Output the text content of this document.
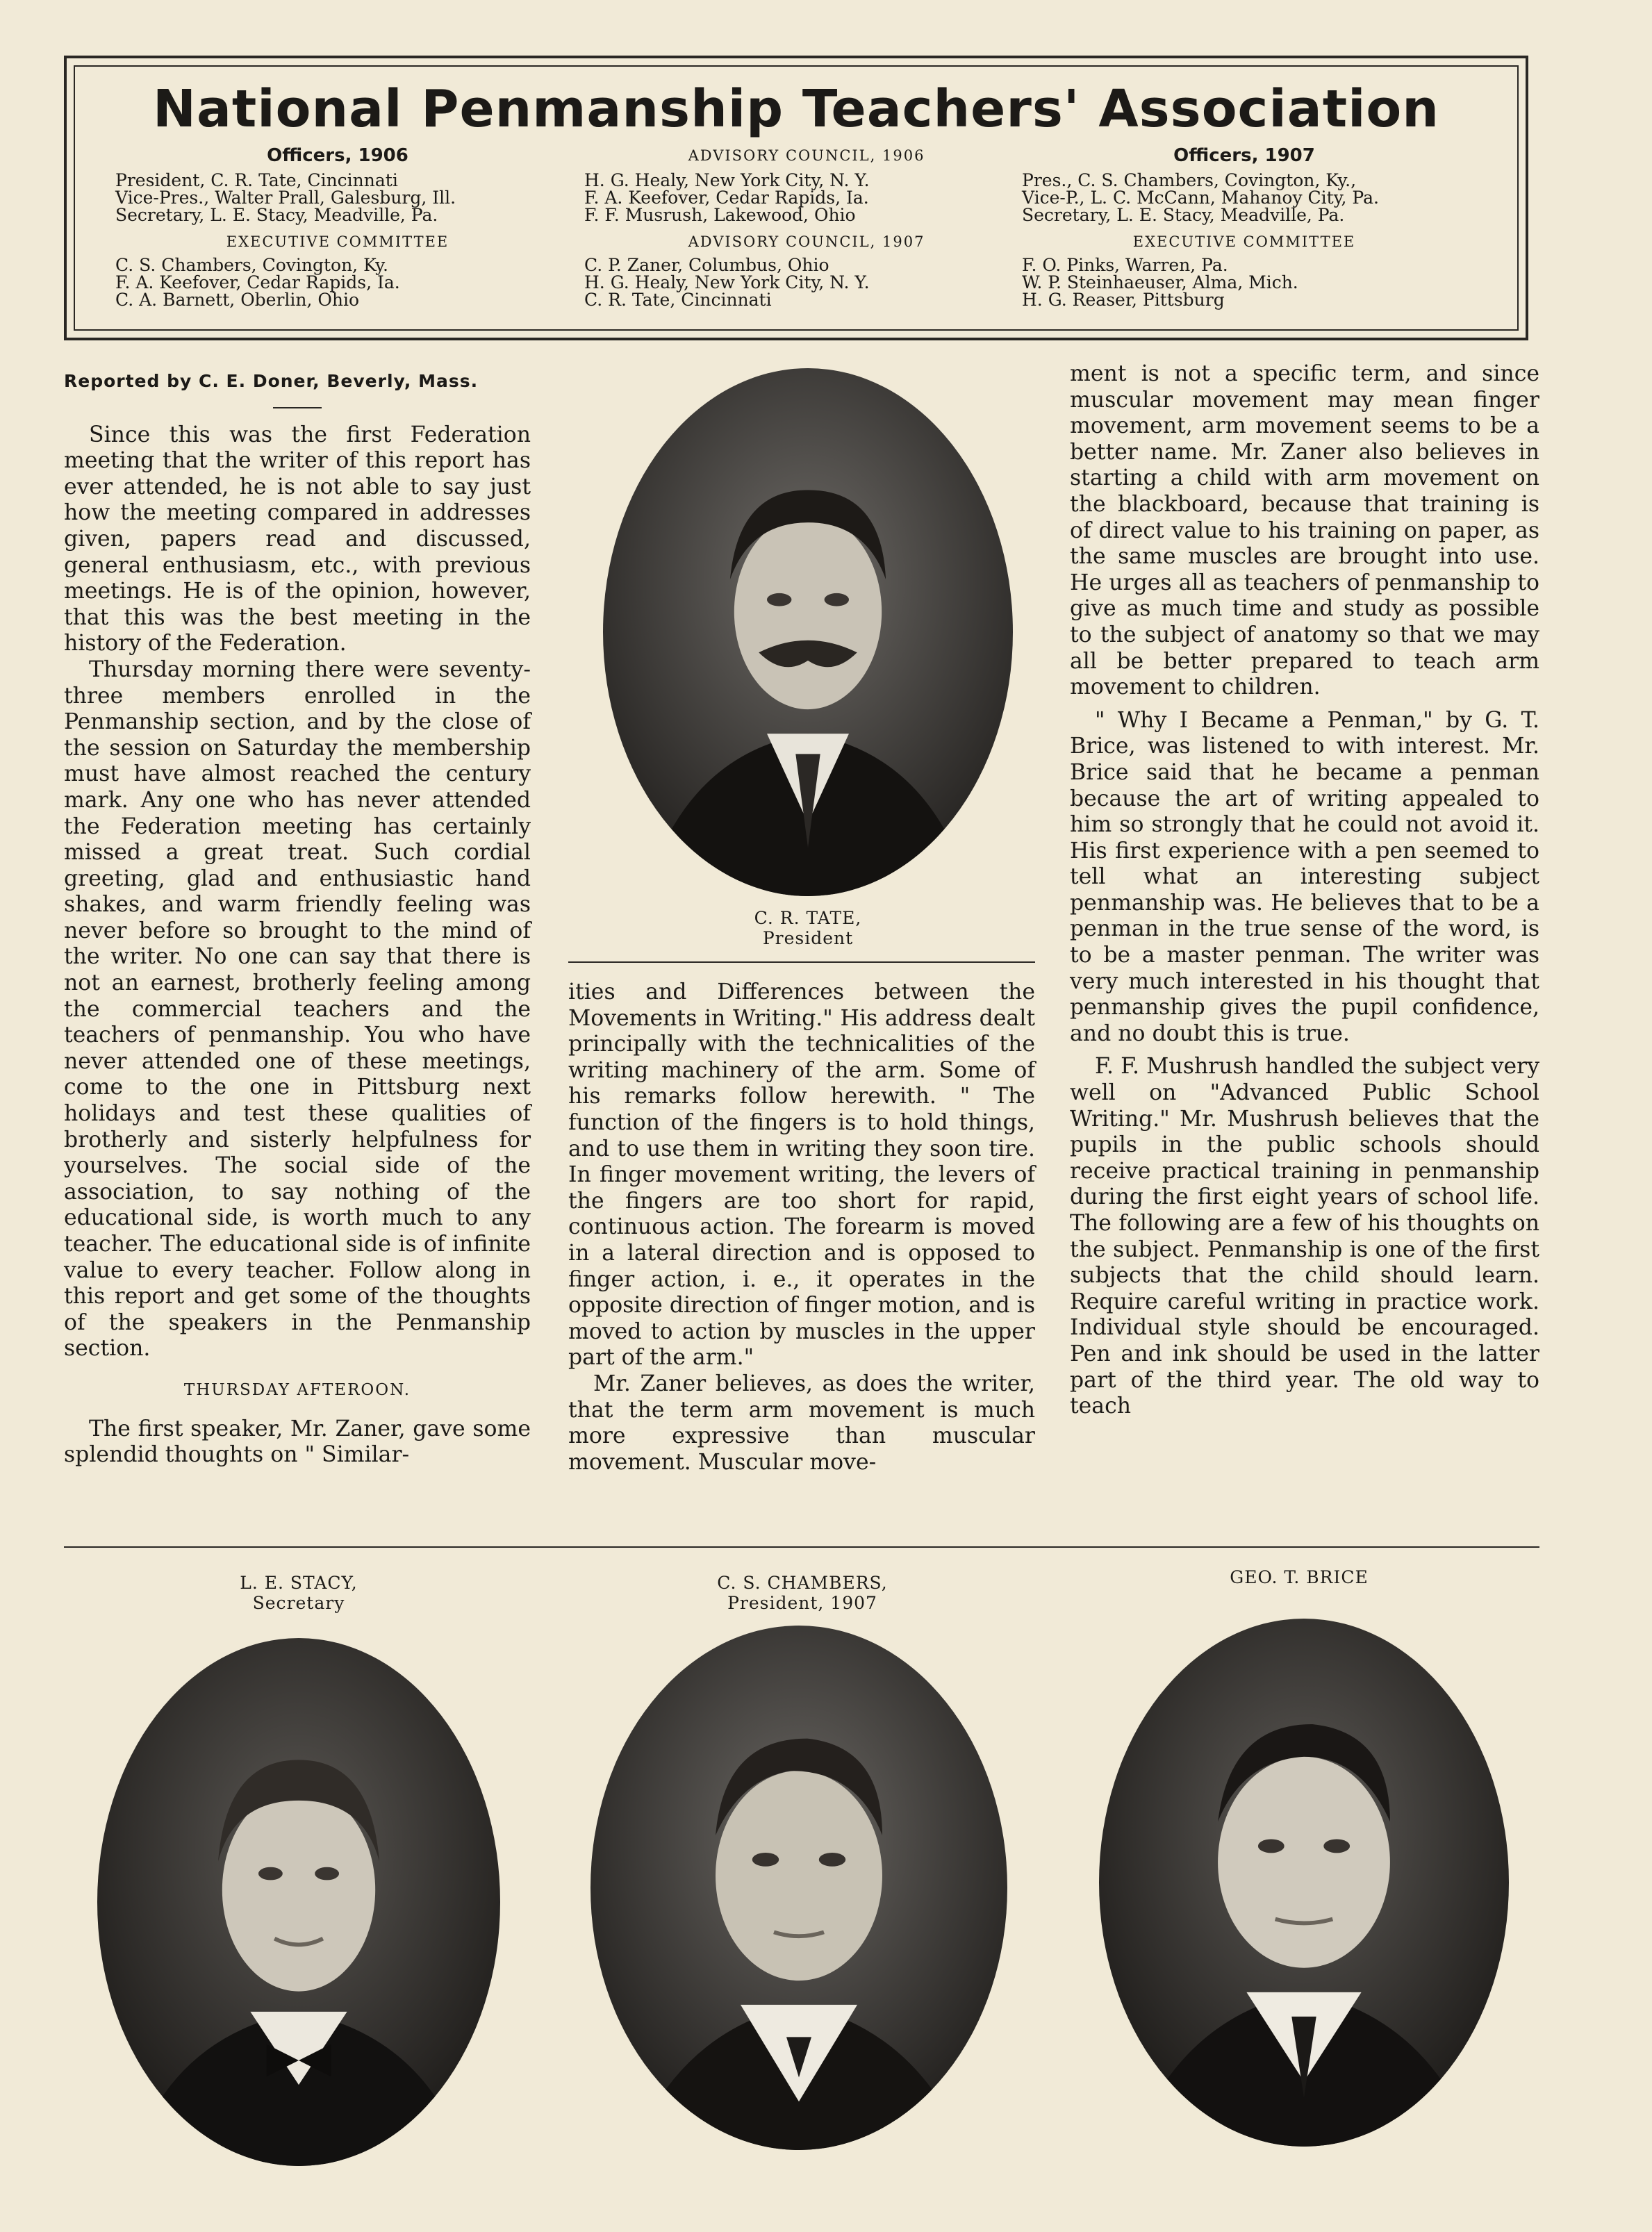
National Penmanship Teachers' Association
Officers, 1906
President, C. R. Tate, Cincinnati
Vice-Pres., Walter Prall, Galesburg, Ill.
Secretary, L. E. Stacy, Meadville, Pa.
EXECUTIVE COMMITTEE
C. S. Chambers, Covington, Ky.
F. A. Keefover, Cedar Rapids, Ia.
C. A. Barnett, Oberlin, Ohio
ADVISORY COUNCIL, 1906
H. G. Healy, New York City, N. Y.
F. A. Keefover, Cedar Rapids, Ia.
F. F. Musrush, Lakewood, Ohio
ADVISORY COUNCIL, 1907
C. P. Zaner, Columbus, Ohio
H. G. Healy, New York City, N. Y.
C. R. Tate, Cincinnati
Officers, 1907
Pres., C. S. Chambers, Covington, Ky.,
Vice-P., L. C. McCann, Mahanoy City, Pa.
Secretary, L. E. Stacy, Meadville, Pa.
EXECUTIVE COMMITTEE
F. O. Pinks, Warren, Pa.
W. P. Steinhaeuser, Alma, Mich.
H. G. Reaser, Pittsburg

Reported by C. E. Doner, Beverly, Mass.

Since this was the first Federation meeting that the writer of this report has ever attended, he is not able to say just how the meeting compared in addresses given, papers read and discussed, general enthusiasm, etc., with previous meetings. He is of the opinion, however, that this was the best meeting in the history of the Federation.

Thursday morning there were seventy-three members enrolled in the Penmanship section, and by the close of the session on Saturday the membership must have almost reached the century mark. Any one who has never attended the Federation meeting has certainly missed a great treat. Such cordial greeting, glad and enthusiastic hand shakes, and warm friendly feeling was never before so brought to the mind of the writer. No one can say that there is not an earnest, brotherly feeling among the commercial teachers and the teachers of penmanship. You who have never attended one of these meetings, come to the one in Pittsburg next holidays and test these qualities of brotherly and sisterly helpfulness for yourselves. The social side of the association, to say nothing of the educational side, is worth much to any teacher. The educational side is of infinite value to every teacher. Follow along in this report and get some of the thoughts of the speakers in the Penmanship section.

THURSDAY AFTEROON.

The first speaker, Mr. Zaner, gave some splendid thoughts on " Similar-

C. R. TATE,
President

ities and Differences between the Movements in Writing." His address dealt principally with the technicalities of the writing machinery of the arm. Some of his remarks follow herewith. " The function of the fingers is to hold things, and to use them in writing they soon tire. In finger movement writing, the levers of the fingers are too short for rapid, continuous action. The forearm is moved in a lateral direction and is opposed to finger action, i. e., it operates in the opposite direction of finger motion, and is moved to action by muscles in the upper part of the arm."

Mr. Zaner believes, as does the writer, that the term arm movement is much more expressive than muscular movement. Muscular move-

ment is not a specific term, and since muscular movement may mean finger movement, arm movement seems to be a better name. Mr. Zaner also believes in starting a child with arm movement on the blackboard, because that training is of direct value to his training on paper, as the same muscles are brought into use. He urges all as teachers of penmanship to give as much time and study as possible to the subject of anatomy so that we may all be better prepared to teach arm movement to children.

" Why I Became a Penman," by G. T. Brice, was listened to with interest. Mr. Brice said that he became a penman because the art of writing appealed to him so strongly that he could not avoid it. His first experience with a pen seemed to tell what an interesting subject penmanship was. He believes that to be a penman in the true sense of the word, is to be a master penman. The writer was very much interested in his thought that penmanship gives the pupil confidence, and no doubt this is true.

F. F. Mushrush handled the subject very well on "Advanced Public School Writing." Mr. Mushrush believes that the pupils in the public schools should receive practical training in penmanship during the first eight years of school life. The following are a few of his thoughts on the subject. Penmanship is one of the first subjects that the child should learn. Require careful writing in practice work. Individual style should be encouraged. Pen and ink should be used in the latter part of the third year. The old way to teach

L. E. STACY,
Secretary
C. S. CHAMBERS,
President, 1907
GEO. T. BRICE
